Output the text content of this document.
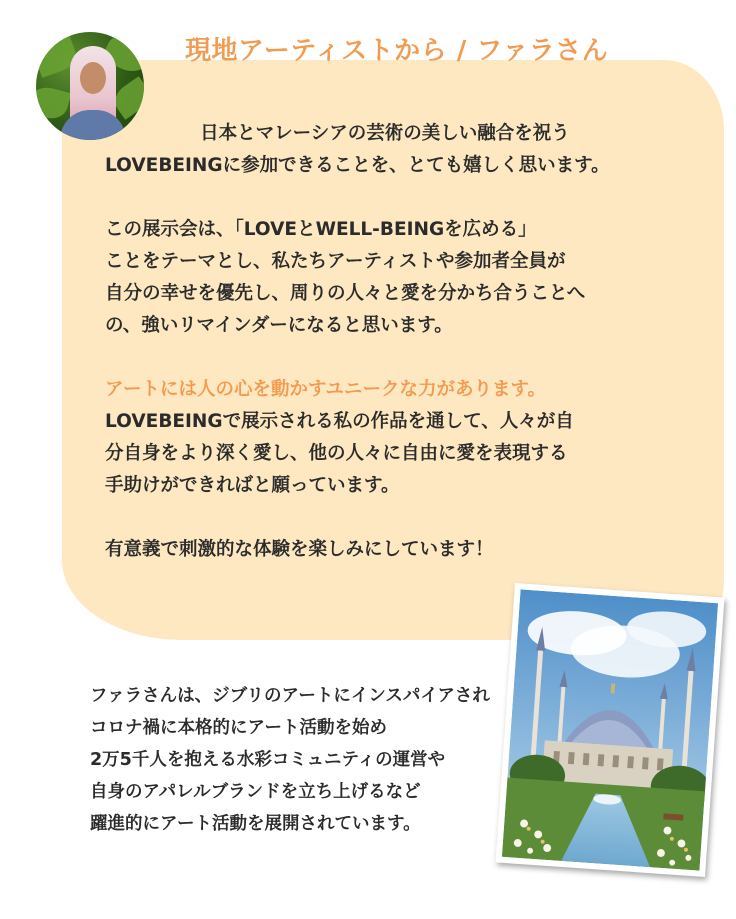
現地アーティストから / ファラさん

日本とマレーシアの芸術の美しい融合を祝う

LOVEBEINGに参加できることを、とても嬉しく思います。

この展示会は、「LOVEとWELL-BEINGを広める」

ことをテーマとし、私たちアーティストや参加者全員が

自分の幸せを優先し、周りの人々と愛を分かち合うことへ

の、強いリマインダーになると思います。

アートには人の心を動かすユニークな力があります。

LOVEBEINGで展示される私の作品を通して、人々が自

分自身をより深く愛し、他の人々に自由に愛を表現する

手助けができればと願っています。

有意義で刺激的な体験を楽しみにしています！

ファラさんは、ジブリのアートにインスパイアされ

コロナ禍に本格的にアート活動を始め

2万5千人を抱える水彩コミュニティの運営や

自身のアパレルブランドを立ち上げるなど

躍進的にアート活動を展開されています。
